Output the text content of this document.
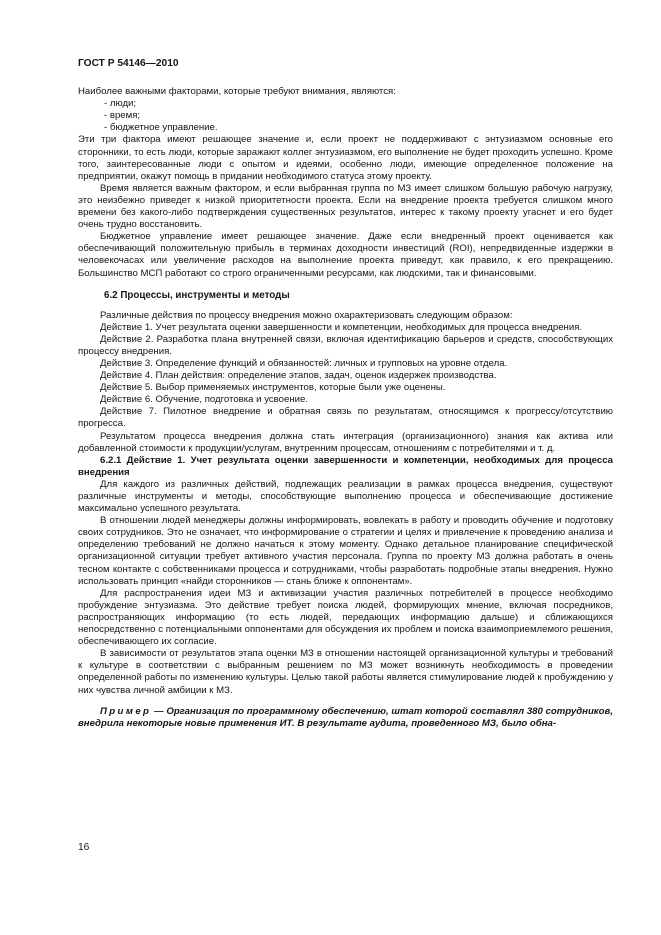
ГОСТ Р 54146—2010

Наиболее важными факторами, которые требуют внимания, являются:

- люди;
- время;
- бюджетное управление.

Эти три фактора имеют решающее значение и, если проект не поддерживают с энтузиазмом основные его сторонники, то есть люди, которые заражают коллег энтузиазмом, его выполнение не будет проходить успешно. Кроме того, заинтересованные люди с опытом и идеями, особенно люди, имеющие определенное положение на предприятии, окажут помощь в придании необходимого статуса этому проекту.

Время является важным фактором, и если выбранная группа по МЗ имеет слишком большую рабочую нагрузку, это неизбежно приведет к низкой приоритетности проекта. Если на внедрение проекта требуется слишком много времени без какого-либо подтверждения существенных результатов, интерес к такому проекту угаснет и его будет очень трудно восстановить.

Бюджетное управление имеет решающее значение. Даже если внедренный проект оценивается как обеспечивающий положительную прибыль в терминах доходности инвестиций (ROI), непредвиденные издержки в человекочасах или увеличение расходов на выполнение проекта приведут, как правило, к его прекращению. Большинство МСП работают со строго ограниченными ресурсами, как людскими, так и финансовыми.

6.2 Процессы, инструменты и методы

Различные действия по процессу внедрения можно охарактеризовать следующим образом:

Действие 1. Учет результата оценки завершенности и компетенции, необходимых для процесса внедрения.

Действие 2. Разработка плана внутренней связи, включая идентификацию барьеров и средств, способствующих процессу внедрения.

Действие 3. Определение функций и обязанностей: личных и групповых на уровне отдела.

Действие 4. План действия: определение этапов, задач, оценок издержек производства.

Действие 5. Выбор применяемых инструментов, которые были уже оценены.

Действие 6. Обучение, подготовка и усвоение.

Действие 7. Пилотное внедрение и обратная связь по результатам, относящимся к прогрессу/отсутствию прогресса.

Результатом процесса внедрения должна стать интеграция (организационного) знания как актива или добавленной стоимости к продукции/услугам, внутренним процессам, отношениям с потребителями и т. д.

6.2.1 Действие 1. Учет результата оценки завершенности и компетенции, необходимых для процесса внедрения

Для каждого из различных действий, подлежащих реализации в рамках процесса внедрения, существуют различные инструменты и методы, способствующие выполнению процесса и обеспечивающие достижение максимально успешного результата.

В отношении людей менеджеры должны информировать, вовлекать в работу и проводить обучение и подготовку своих сотрудников. Это не означает, что информирование о стратегии и целях и привлечение к проведению анализа и определению требований не должно начаться к этому моменту. Однако детальное планирование специфической организационной ситуации требует активного участия персонала. Группа по проекту МЗ должна работать в очень тесном контакте с собственниками процесса и сотрудниками, чтобы разработать подробные этапы внедрения. Нужно использовать принцип «найди сторонников — стань ближе к оппонентам».

Для распространения идеи МЗ и активизации участия различных потребителей в процессе необходимо пробуждение энтузиазма. Это действие требует поиска людей, формирующих мнение, включая посредников, распространяющих информацию (то есть людей, передающих информацию дальше) и сближающихся непосредственно с потенциальными оппонентами для обсуждения их проблем и поиска взаимоприемлемого решения, обеспечивающего их согласие.

В зависимости от результатов этапа оценки МЗ в отношении настоящей организационной культуры и требований к культуре в соответствии с выбранным решением по МЗ может возникнуть необходимость в проведении определенной работы по изменению культуры. Целью такой работы является стимулирование людей к пробуждению у них чувства личной амбиции к МЗ.

Пример — Организация по программному обеспечению, штат которой составлял 380 сотрудников, внедрила некоторые новые применения ИТ. В результате аудита, проведенного МЗ, было обна-

16
